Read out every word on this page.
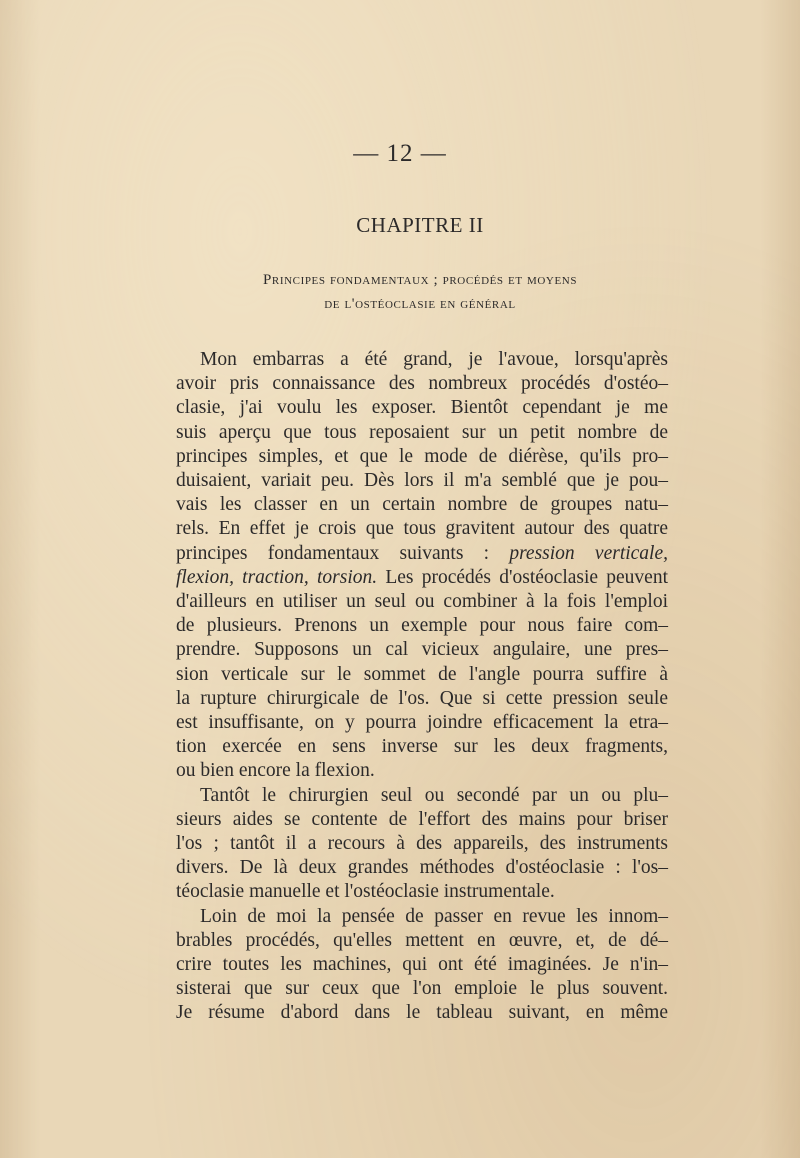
— 12 —
CHAPITRE II
Principes fondamentaux ; procédés et moyens
de l'ostéoclasie en général
Mon embarras a été grand, je l'avoue, lorsqu'après
avoir pris connaissance des nombreux procédés d'ostéo–
clasie, j'ai voulu les exposer. Bientôt cependant je me
suis aperçu que tous reposaient sur un petit nombre de
principes simples, et que le mode de diérèse, qu'ils pro–
duisaient, variait peu. Dès lors il m'a semblé que je pou–
vais les classer en un certain nombre de groupes natu–
rels. En effet je crois que tous gravitent autour des quatre
principes fondamentaux suivants : pression verticale,
flexion, traction, torsion. Les procédés d'ostéoclasie peuvent
d'ailleurs en utiliser un seul ou combiner à la fois l'emploi
de plusieurs. Prenons un exemple pour nous faire com–
prendre. Supposons un cal vicieux angulaire, une pres–
sion verticale sur le sommet de l'angle pourra suffire à
la rupture chirurgicale de l'os. Que si cette pression seule
est insuffisante, on y pourra joindre efficacement la etra–
tion exercée en sens inverse sur les deux fragments,
ou bien encore la flexion.
Tantôt le chirurgien seul ou secondé par un ou plu–
sieurs aides se contente de l'effort des mains pour briser
l'os ; tantôt il a recours à des appareils, des instruments
divers. De là deux grandes méthodes d'ostéoclasie : l'os–
téoclasie manuelle et l'ostéoclasie instrumentale.
Loin de moi la pensée de passer en revue les innom–
brables procédés, qu'elles mettent en œuvre, et, de dé–
crire toutes les machines, qui ont été imaginées. Je n'in–
sisterai que sur ceux que l'on emploie le plus souvent.
Je résume d'abord dans le tableau suivant, en même
